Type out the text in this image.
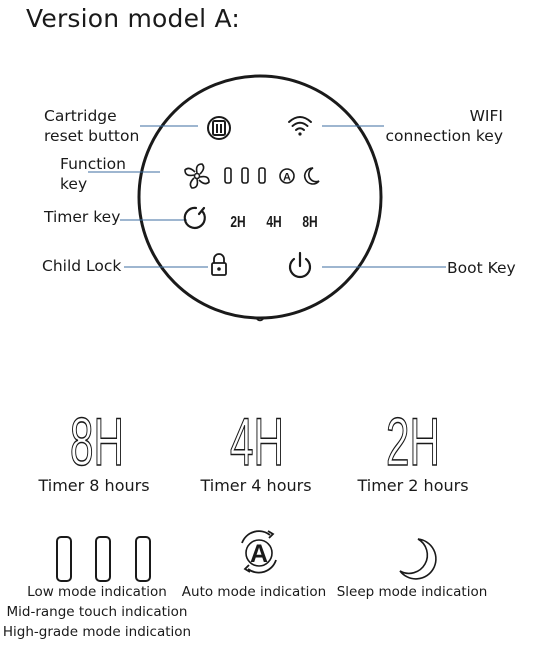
Version model A:
A
2H 4H 8H
8H 4H 2H
A
Cartridge
reset button
WIFI
connection key
Function
key
Timer key
Child Lock	Boot Key
Timer 8 hours	Timer 4 hours	Timer 2 hours
Low mode indication
Mid-range touch indication
High-grade mode indication
Auto mode indication Sleep mode indication
